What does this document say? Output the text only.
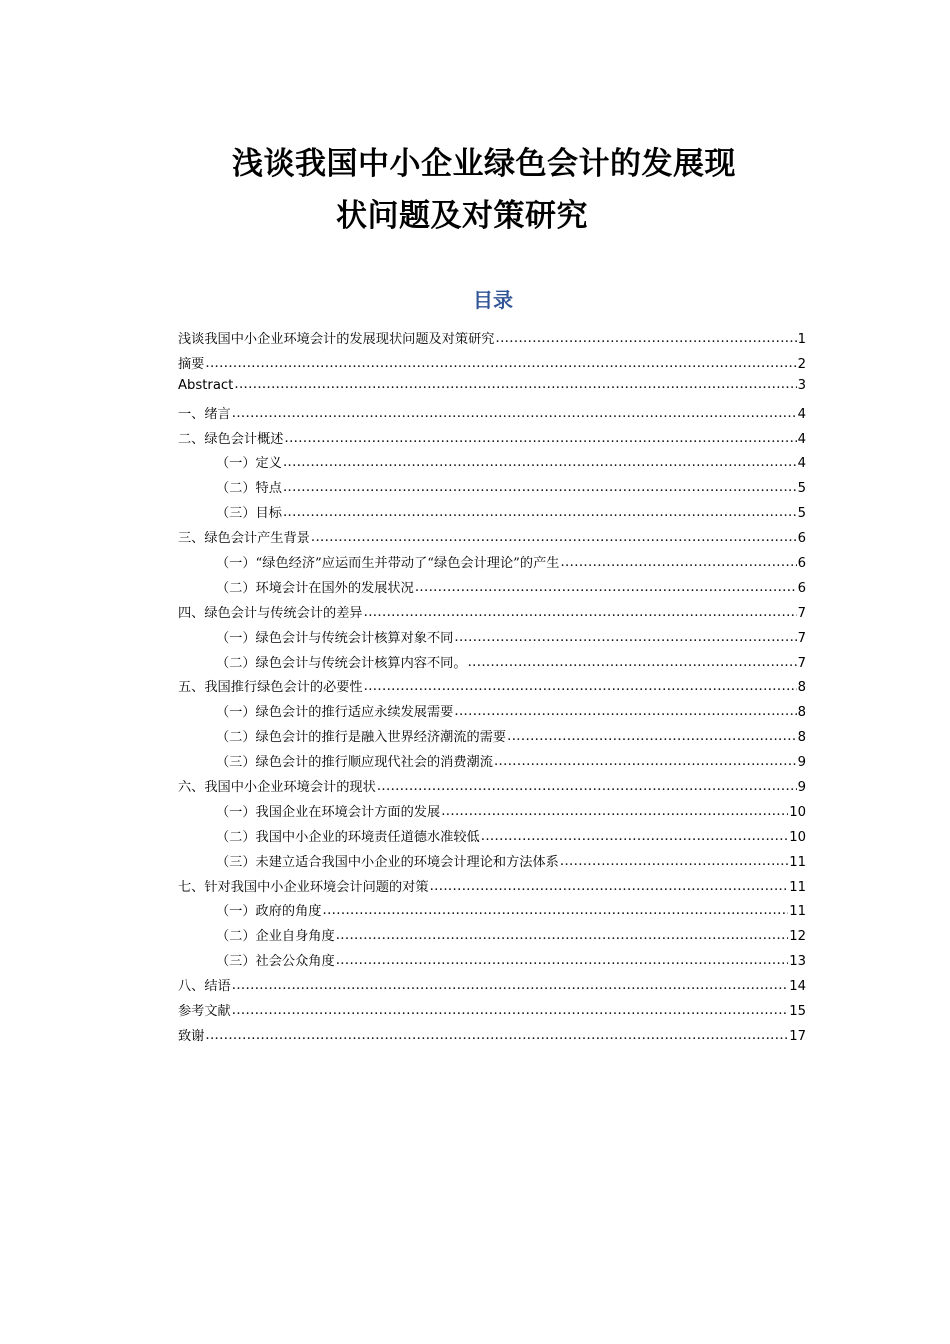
浅谈我国中小企业绿色会计的发展现
状问题及对策研究
目录
浅谈我国中小企业环境会计的发展现状问题及对策研究 .....	1
摘要 .....	2
Abstract .....	3
一、绪言 .....	4
二、绿色会计概述 .....	4
（一）定义 .....	4
（二）特点 .....	5
（三）目标 .....	5
三、绿色会计产生背景 .....	6
（一）“绿色经济”应运而生并带动了“绿色会计理论”的产生 .....	6
（二）环境会计在国外的发展状况 .....	6
四、绿色会计与传统会计的差异 .....	7
（一）绿色会计与传统会计核算对象不同 .....	7
（二）绿色会计与传统会计核算内容不同。 .....	7
五、我国推行绿色会计的必要性 .....	8
（一）绿色会计的推行适应永续发展需要 .....	8
（二）绿色会计的推行是融入世界经济潮流的需要 .....	8
（三）绿色会计的推行顺应现代社会的消费潮流 .....	9
六、我国中小企业环境会计的现状 .....	9
（一）我国企业在环境会计方面的发展 .....	10
（二）我国中小企业的环境责任道德水准较低 .....	10
（三）未建立适合我国中小企业的环境会计理论和方法体系 .....	11
七、针对我国中小企业环境会计问题的对策 .....	11
（一）政府的角度 .....	11
（二）企业自身角度 .....	12
（三）社会公众角度 .....	13
八、结语 .....	14
参考文献 .....	15
致谢 .....	17
